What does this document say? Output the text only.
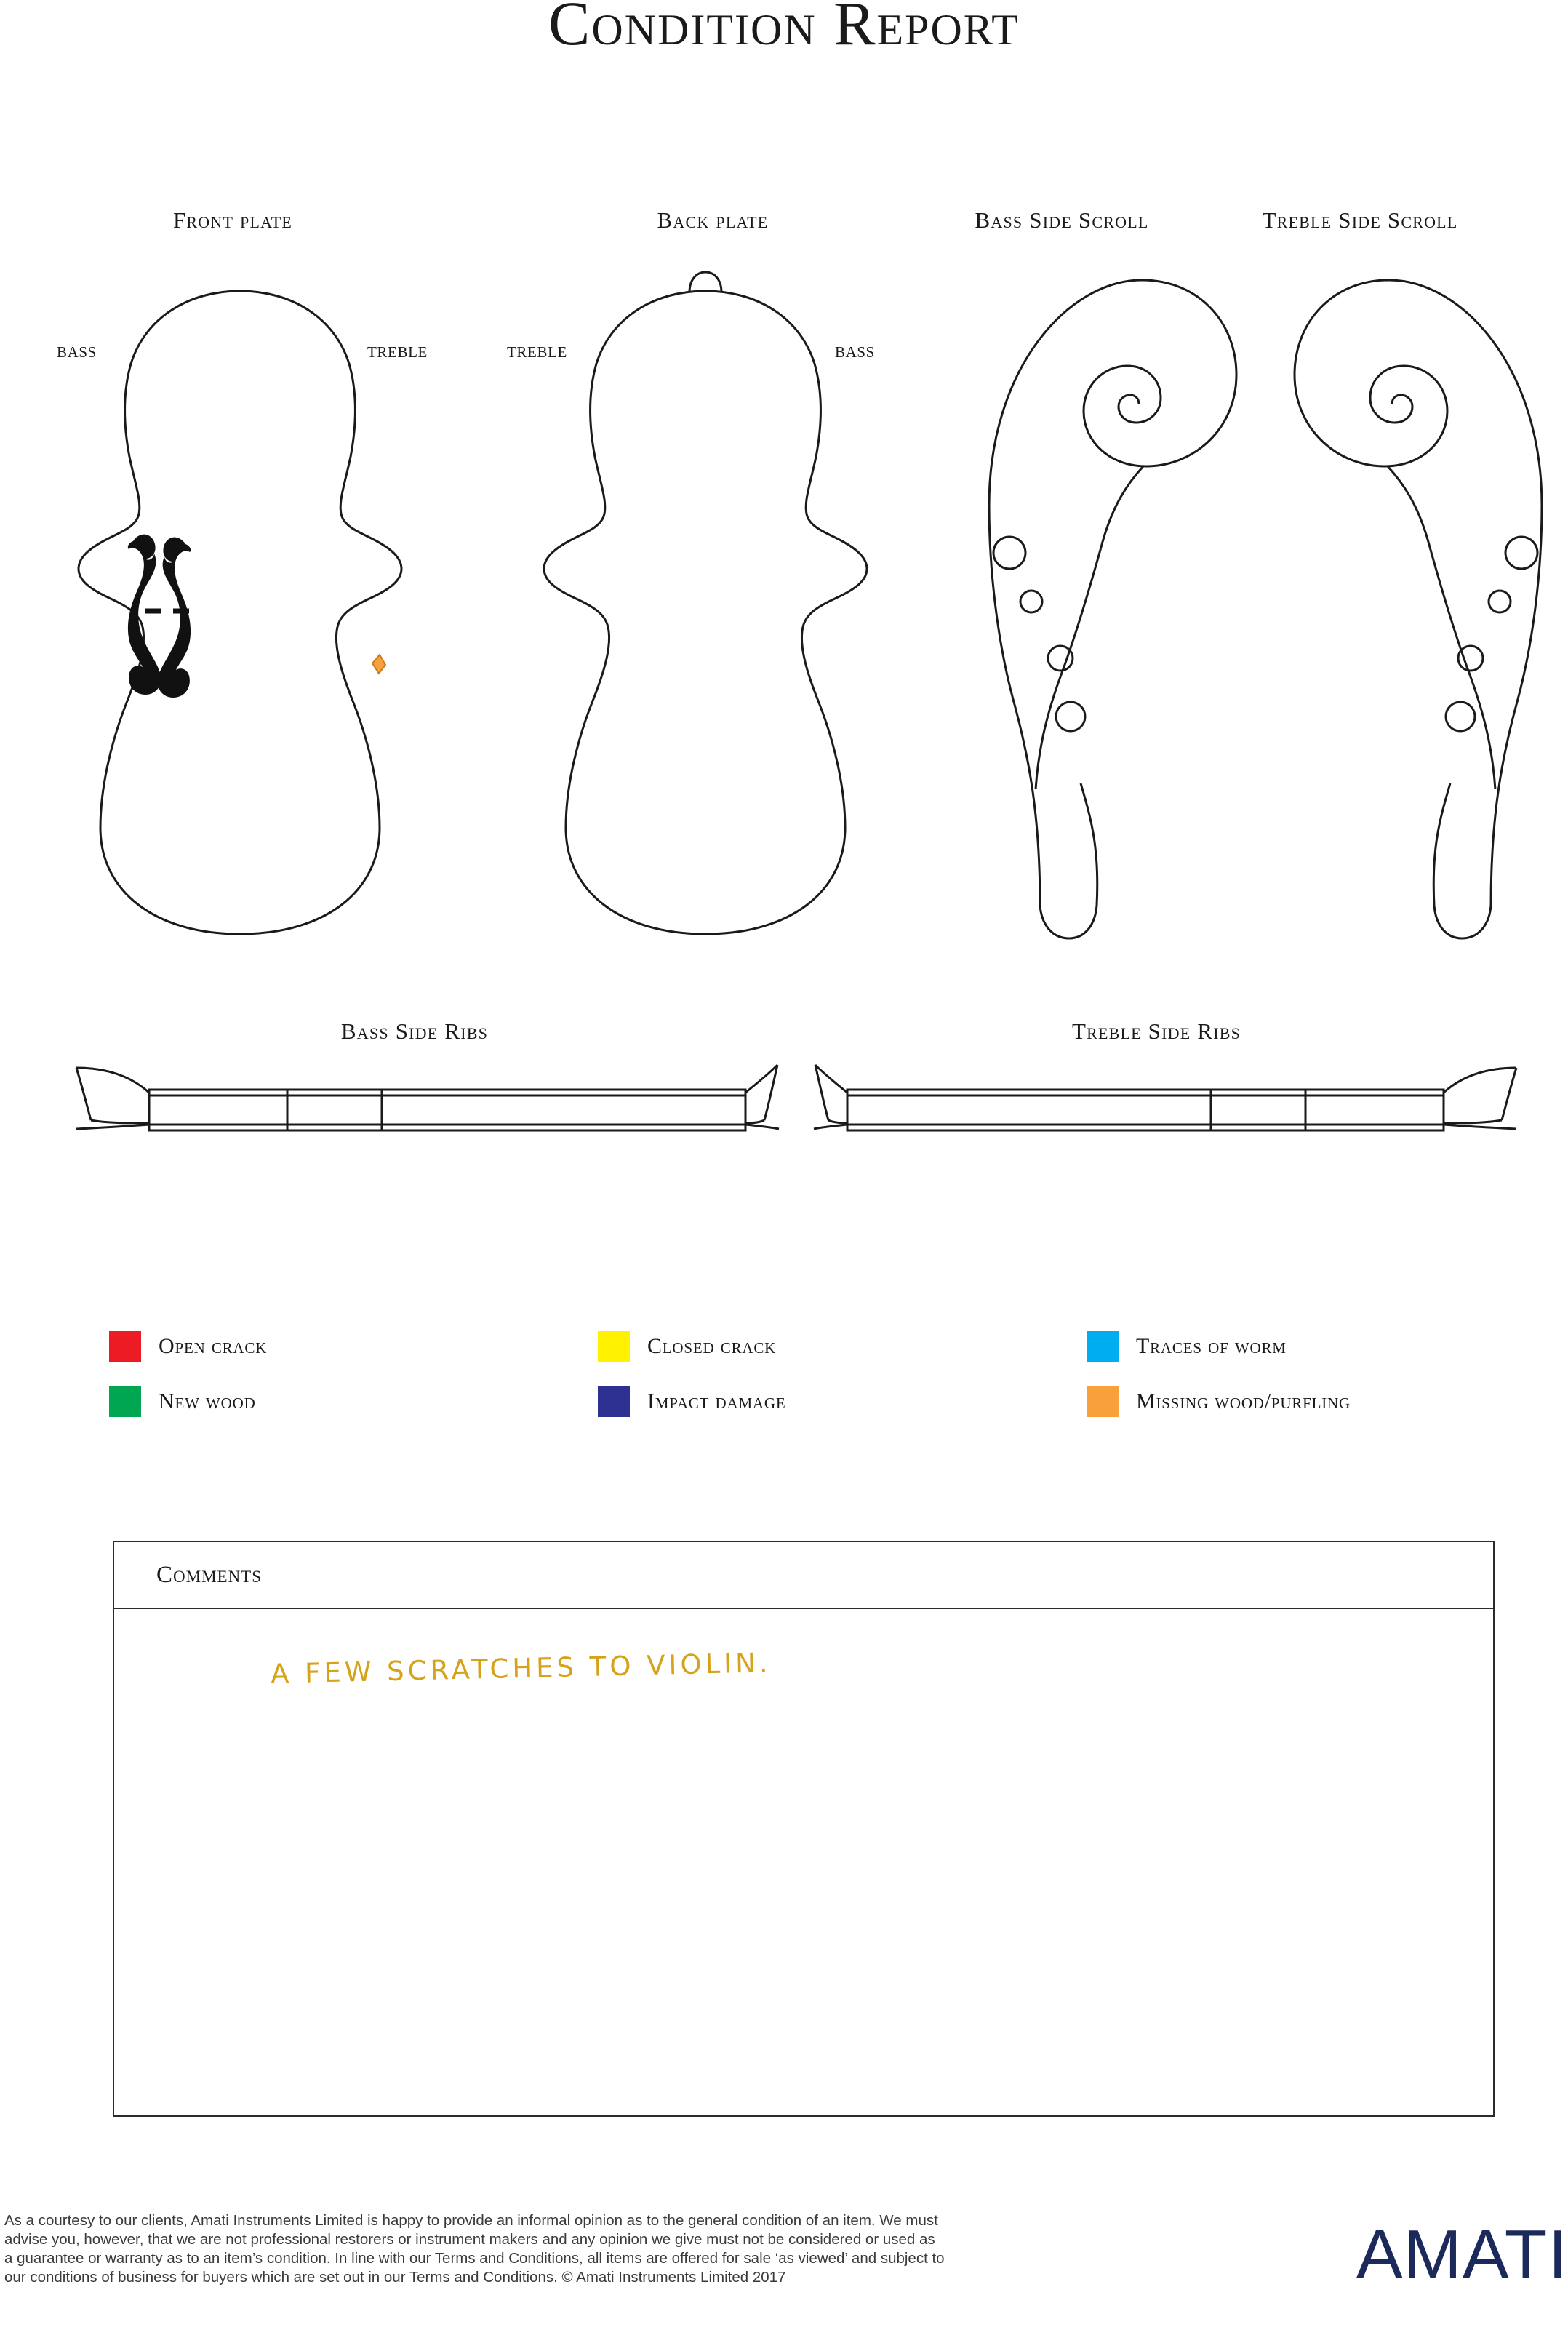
Condition Report
Front plate	Back plate	Bass Side Scroll	Treble Side Scroll
BASS	TREBLE	TREBLE	BASS
Bass Side Ribs	Treble Side Ribs
Open crack	Closed crack	Traces of worm
New wood	Impact damage	Missing wood/purfling
Comments
A FEW SCRATCHES TO VIOLIN.

As a courtesy to our clients, Amati Instruments Limited is happy to provide an informal opinion as to the general condition of an item. We must

advise you, however, that we are not professional restorers or instrument makers and any opinion we give must not be considered or used as

a guarantee or warranty as to an item’s condition. In line with our Terms and Conditions, all items are offered for sale ‘as viewed’ and subject to

our conditions of business for buyers which are set out in our Terms and Conditions. © Amati Instruments Limited 2017	AMATI
